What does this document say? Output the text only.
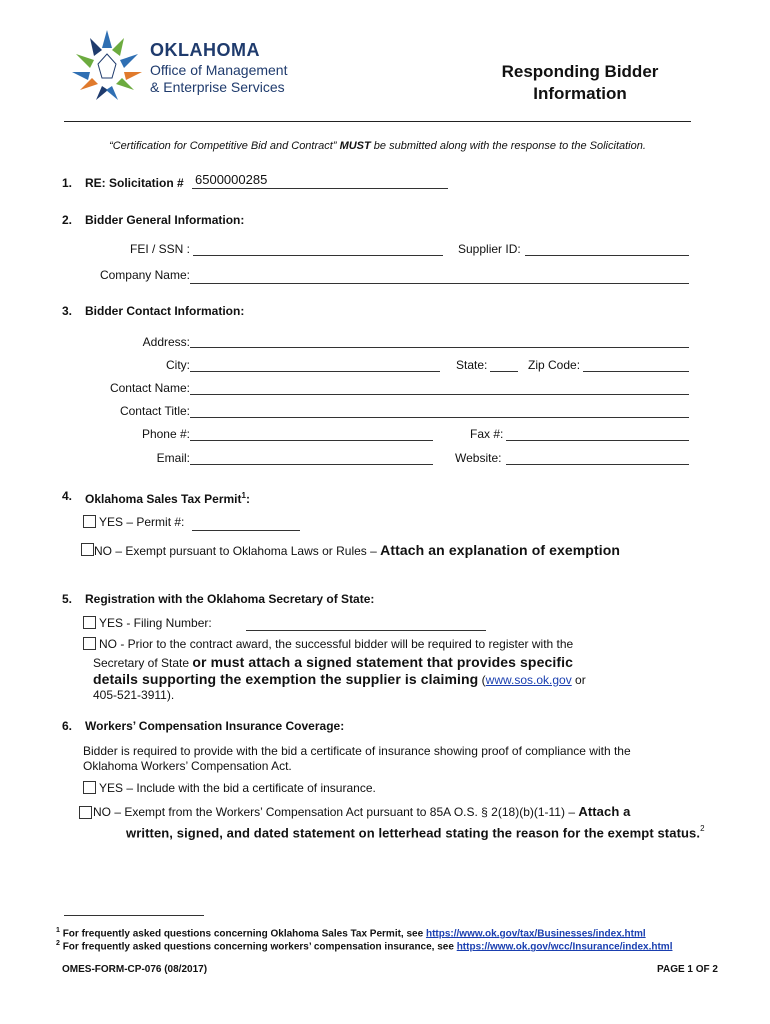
OKLAHOMA
Office of Management
& Enterprise Services
Responding Bidder
Information
“Certification for Competitive Bid and Contract” MUST be submitted along with the response to the Solicitation.
1. RE: Solicitation # 6500000285
2. Bidder General Information:
FEI / SSN :	Supplier ID:
Company Name:
3. Bidder Contact Information:
Address:
City:	State:	Zip Code:
Contact Name:
Contact Title:
Phone #:	Fax #:
Email:	Website:
4. Oklahoma Sales Tax Permit$^1$:
YES – Permit #:
NO – Exempt pursuant to Oklahoma Laws or Rules – Attach an explanation of exemption
5. Registration with the Oklahoma Secretary of State:
YES - Filing Number:
NO - Prior to the contract award, the successful bidder will be required to register with the
Secretary of State or must attach a signed statement that provides specific
details supporting the exemption the supplier is claiming (www.sos.ok.gov or
405-521-3911).
6. Workers’ Compensation Insurance Coverage:
Bidder is required to provide with the bid a certificate of insurance showing proof of compliance with the
Oklahoma Workers’ Compensation Act.
YES – Include with the bid a certificate of insurance.
NO – Exempt from the Workers’ Compensation Act pursuant to 85A O.S. § 2(18)(b)(1-11) – Attach a
written, signed, and dated statement on letterhead stating the reason for the exempt status.$^2$
$^1$ For frequently asked questions concerning Oklahoma Sales Tax Permit, see https://www.ok.gov/tax/Businesses/index.html
$^2$ For frequently asked questions concerning workers’ compensation insurance, see https://www.ok.gov/wcc/Insurance/index.html
OMES-FORM-CP-076 (08/2017)	PAGE 1 OF 2
